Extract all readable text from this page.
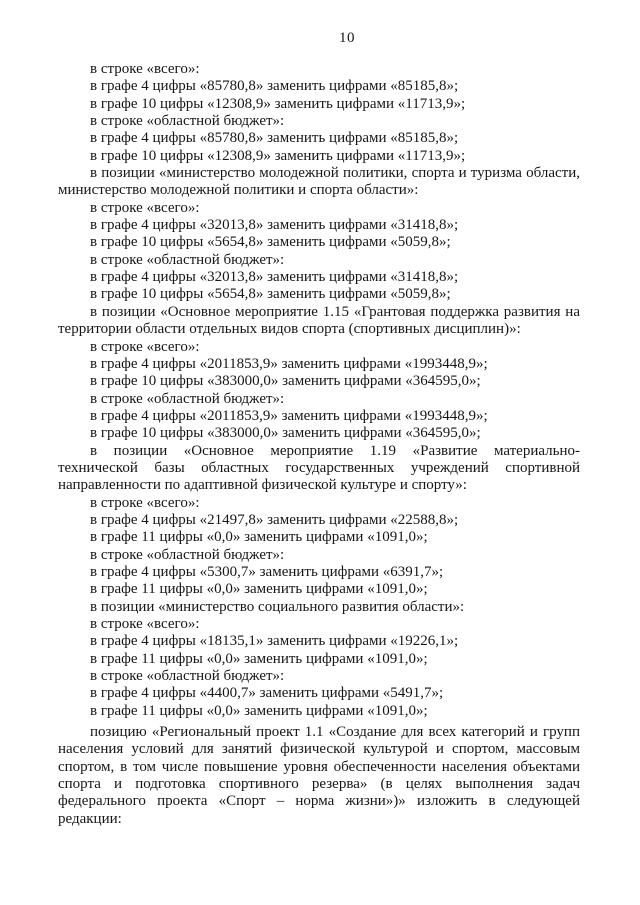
10

в строке «всего»:

в графе 4 цифры «85780,8» заменить цифрами «85185,8»;

в графе 10 цифры «12308,9» заменить цифрами «11713,9»;

в строке «областной бюджет»:

в графе 4 цифры «85780,8» заменить цифрами «85185,8»;

в графе 10 цифры «12308,9» заменить цифрами «11713,9»;

в позиции «министерство молодежной политики, спорта и туризма области, министерство молодежной политики и спорта области»:

в строке «всего»:

в графе 4 цифры «32013,8» заменить цифрами «31418,8»;

в графе 10 цифры «5654,8» заменить цифрами «5059,8»;

в строке «областной бюджет»:

в графе 4 цифры «32013,8» заменить цифрами «31418,8»;

в графе 10 цифры «5654,8» заменить цифрами «5059,8»;

в позиции «Основное мероприятие 1.15 «Грантовая поддержка развития на территории области отдельных видов спорта (спортивных дисциплин)»:

в строке «всего»:

в графе 4 цифры «2011853,9» заменить цифрами «1993448,9»;

в графе 10 цифры «383000,0» заменить цифрами «364595,0»;

в строке «областной бюджет»:

в графе 4 цифры «2011853,9» заменить цифрами «1993448,9»;

в графе 10 цифры «383000,0» заменить цифрами «364595,0»;

в позиции «Основное мероприятие 1.19 «Развитие материально-технической базы областных государственных учреждений спортивной направленности по адаптивной физической культуре и спорту»:

в строке «всего»:

в графе 4 цифры «21497,8» заменить цифрами «22588,8»;

в графе 11 цифры «0,0» заменить цифрами «1091,0»;

в строке «областной бюджет»:

в графе 4 цифры «5300,7» заменить цифрами «6391,7»;

в графе 11 цифры «0,0» заменить цифрами «1091,0»;

в позиции «министерство социального развития области»:

в строке «всего»:

в графе 4 цифры «18135,1» заменить цифрами «19226,1»;

в графе 11 цифры «0,0» заменить цифрами «1091,0»;

в строке «областной бюджет»:

в графе 4 цифры «4400,7» заменить цифрами «5491,7»;

в графе 11 цифры «0,0» заменить цифрами «1091,0»;

позицию «Региональный проект 1.1 «Создание для всех категорий и групп населения условий для занятий физической культурой и спортом, массовым спортом, в том числе повышение уровня обеспеченности населения объектами спорта и подготовка спортивного резерва» (в целях выполнения задач федерального проекта «Спорт – норма жизни»)» изложить в следующей редакции:
